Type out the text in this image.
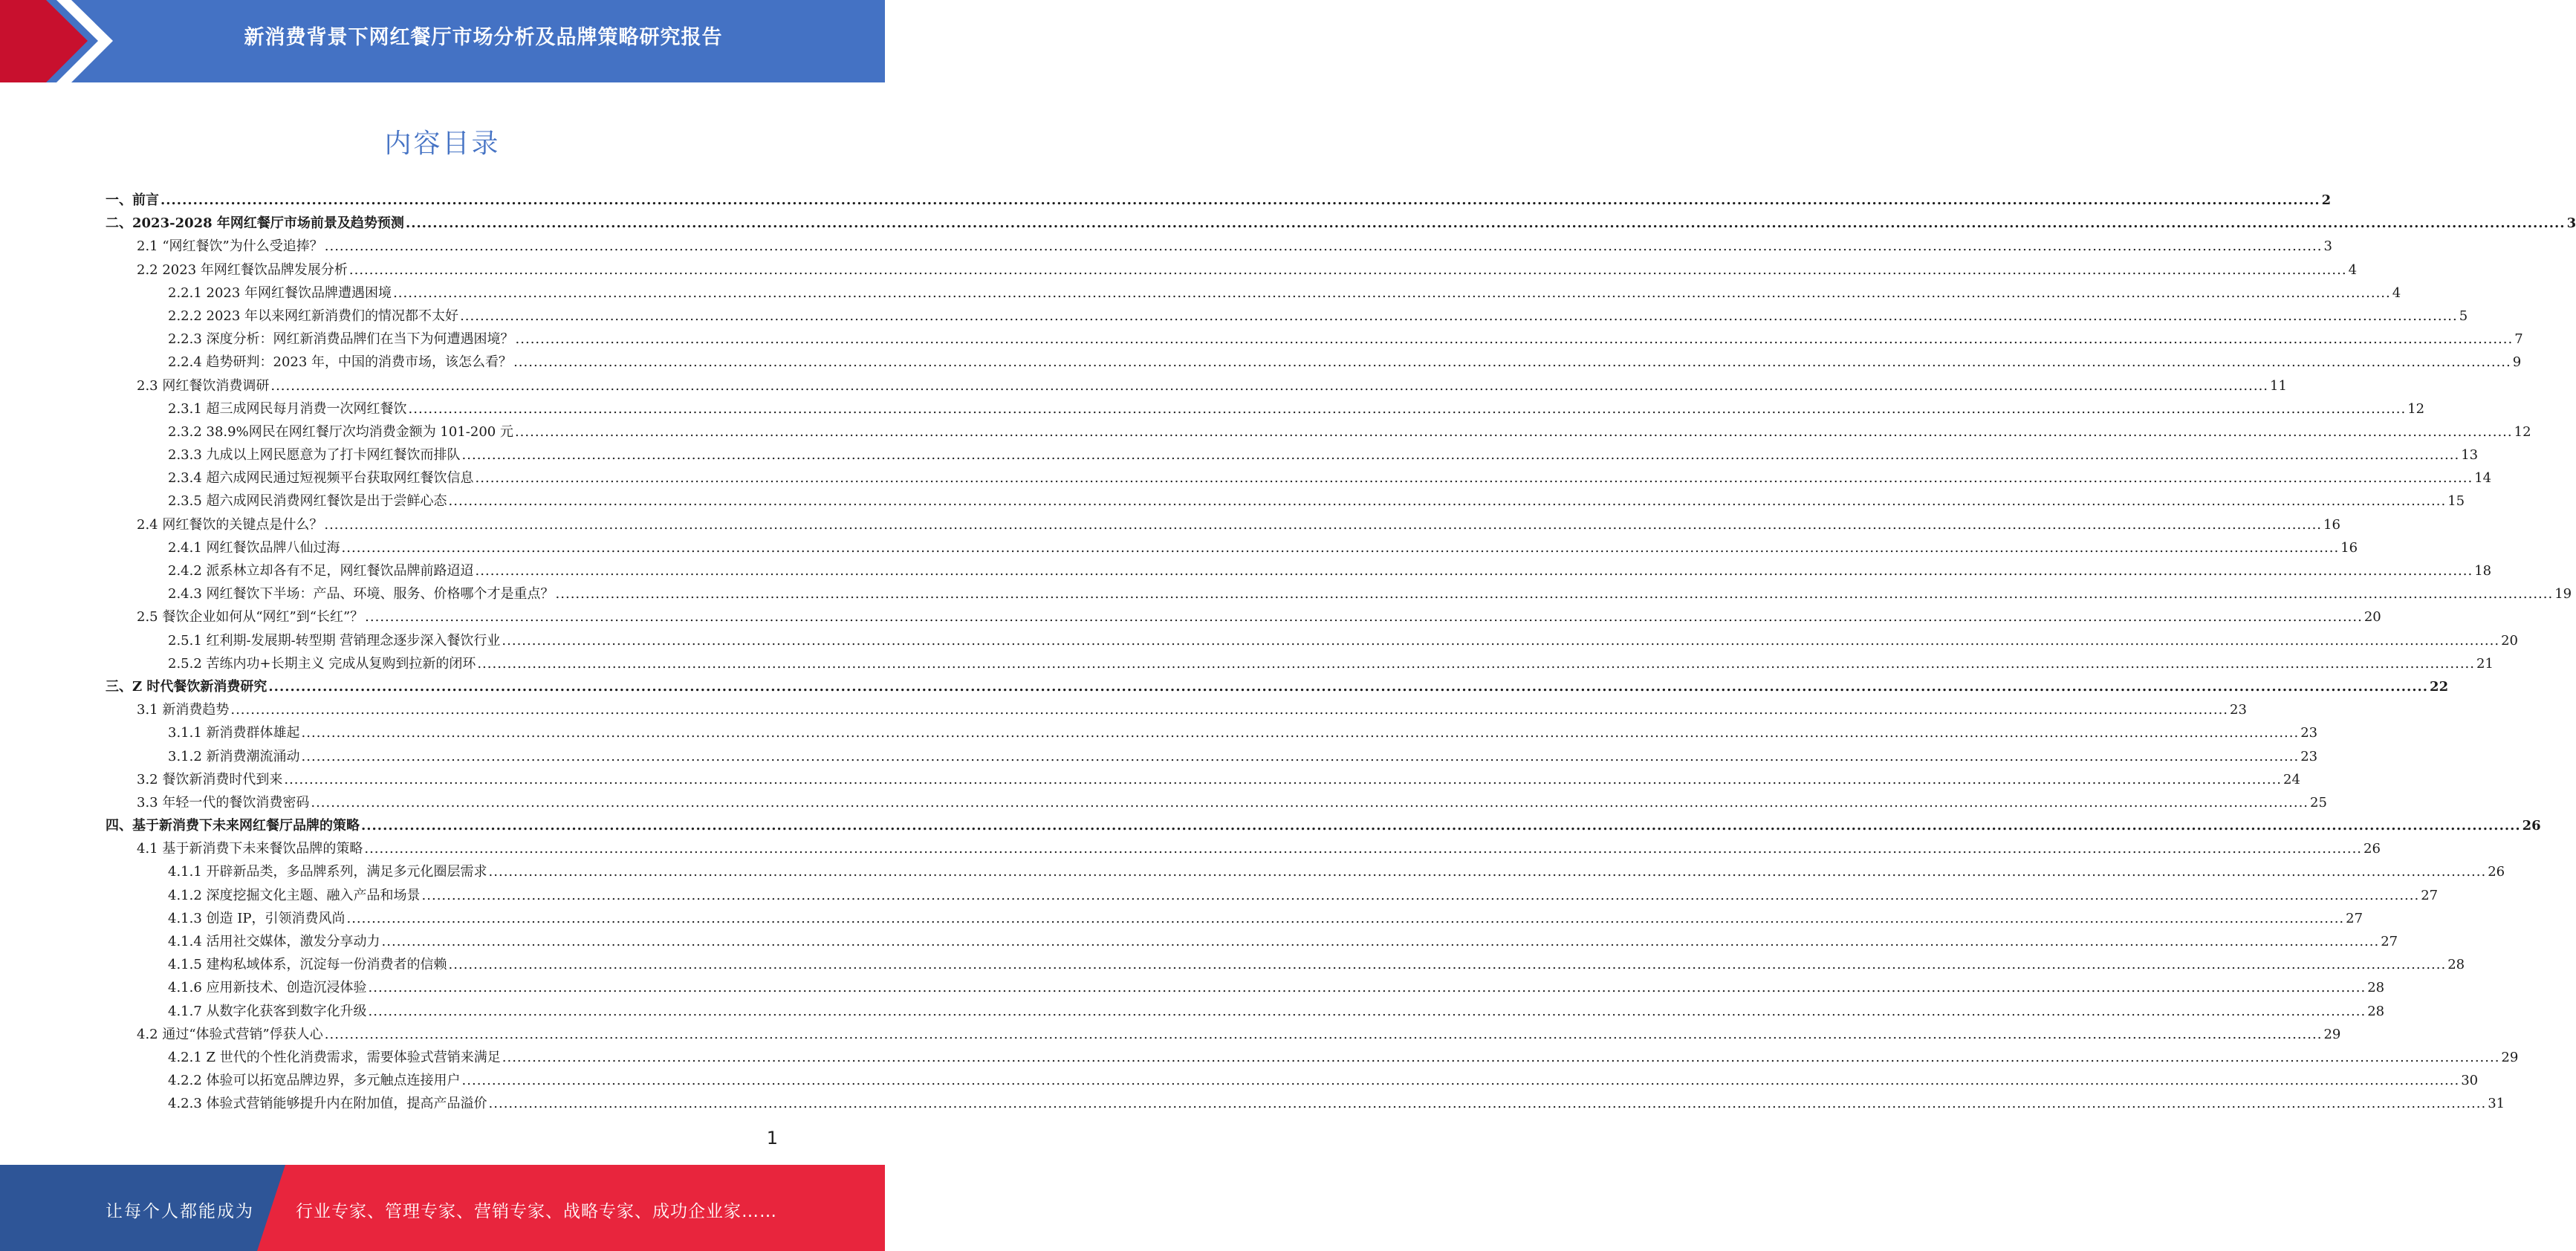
新消费背景下网红餐厅市场分析及品牌策略研究报告
内容目录
一、前言 ................................................................................................................................................................................................................................................................................................................................................................................................................ 2
二、2023-2028 年网红餐厅市场前景及趋势预测 ................................................................................................................................................................................................................................................................................................................................................................................................................ 3
2.1 “网红餐饮”为什么受追捧？ ................................................................................................................................................................................................................................................................................................................................................................................................................ 3
2.2 2023 年网红餐饮品牌发展分析 ................................................................................................................................................................................................................................................................................................................................................................................................................ 4
2.2.1 2023 年网红餐饮品牌遭遇困境 ................................................................................................................................................................................................................................................................................................................................................................................................................ 4
2.2.2 2023 年以来网红新消费们的情况都不太好 ................................................................................................................................................................................................................................................................................................................................................................................................................ 5
2.2.3 深度分析：网红新消费品牌们在当下为何遭遇困境？ ................................................................................................................................................................................................................................................................................................................................................................................................................ 7
2.2.4 趋势研判：2023 年，中国的消费市场，该怎么看？ ................................................................................................................................................................................................................................................................................................................................................................................................................ 9
2.3 网红餐饮消费调研 ................................................................................................................................................................................................................................................................................................................................................................................................................ 11
2.3.1 超三成网民每月消费一次网红餐饮 ................................................................................................................................................................................................................................................................................................................................................................................................................ 12
2.3.2 38.9%网民在网红餐厅次均消费金额为 101-200 元 ................................................................................................................................................................................................................................................................................................................................................................................................................ 12
2.3.3 九成以上网民愿意为了打卡网红餐饮而排队 ................................................................................................................................................................................................................................................................................................................................................................................................................ 13
2.3.4 超六成网民通过短视频平台获取网红餐饮信息 ................................................................................................................................................................................................................................................................................................................................................................................................................ 14
2.3.5 超六成网民消费网红餐饮是出于尝鲜心态 ................................................................................................................................................................................................................................................................................................................................................................................................................ 15
2.4 网红餐饮的关键点是什么？ ................................................................................................................................................................................................................................................................................................................................................................................................................ 16
2.4.1 网红餐饮品牌八仙过海 ................................................................................................................................................................................................................................................................................................................................................................................................................ 16
2.4.2 派系林立却各有不足，网红餐饮品牌前路迢迢 ................................................................................................................................................................................................................................................................................................................................................................................................................ 18
2.4.3 网红餐饮下半场：产品、环境、服务、价格哪个才是重点？ ................................................................................................................................................................................................................................................................................................................................................................................................................ 19
2.5 餐饮企业如何从“网红”到“长红”？ ................................................................................................................................................................................................................................................................................................................................................................................................................ 20
2.5.1 红利期-发展期-转型期 营销理念逐步深入餐饮行业 ................................................................................................................................................................................................................................................................................................................................................................................................................ 20
2.5.2 苦练内功+长期主义 完成从复购到拉新的闭环 ................................................................................................................................................................................................................................................................................................................................................................................................................ 21
三、Z 时代餐饮新消费研究 ................................................................................................................................................................................................................................................................................................................................................................................................................ 22
3.1 新消费趋势 ................................................................................................................................................................................................................................................................................................................................................................................................................ 23
3.1.1 新消费群体雄起 ................................................................................................................................................................................................................................................................................................................................................................................................................ 23
3.1.2 新消费潮流涌动 ................................................................................................................................................................................................................................................................................................................................................................................................................ 23
3.2 餐饮新消费时代到来 ................................................................................................................................................................................................................................................................................................................................................................................................................ 24
3.3 年轻一代的餐饮消费密码 ................................................................................................................................................................................................................................................................................................................................................................................................................ 25
四、基于新消费下未来网红餐厅品牌的策略 ................................................................................................................................................................................................................................................................................................................................................................................................................ 26
4.1 基于新消费下未来餐饮品牌的策略 ................................................................................................................................................................................................................................................................................................................................................................................................................ 26
4.1.1 开辟新品类，多品牌系列，满足多元化圈层需求 ................................................................................................................................................................................................................................................................................................................................................................................................................ 26
4.1.2 深度挖掘文化主题、融入产品和场景 ................................................................................................................................................................................................................................................................................................................................................................................................................ 27
4.1.3 创造 IP，引领消费风尚 ................................................................................................................................................................................................................................................................................................................................................................................................................ 27
4.1.4 活用社交媒体，激发分享动力 ................................................................................................................................................................................................................................................................................................................................................................................................................ 27
4.1.5 建构私域体系，沉淀每一份消费者的信赖 ................................................................................................................................................................................................................................................................................................................................................................................................................ 28
4.1.6 应用新技术、创造沉浸体验 ................................................................................................................................................................................................................................................................................................................................................................................................................ 28
4.1.7 从数字化获客到数字化升级 ................................................................................................................................................................................................................................................................................................................................................................................................................ 28
4.2 通过“体验式营销”俘获人心 ................................................................................................................................................................................................................................................................................................................................................................................................................ 29
4.2.1 Z 世代的个性化消费需求，需要体验式营销来满足 ................................................................................................................................................................................................................................................................................................................................................................................................................ 29
4.2.2 体验可以拓宽品牌边界，多元触点连接用户 ................................................................................................................................................................................................................................................................................................................................................................................................................ 30
4.2.3 体验式营销能够提升内在附加值，提高产品溢价 ................................................................................................................................................................................................................................................................................................................................................................................................................ 31
1
让每个人都能成为 行业专家、管理专家、营销专家、战略专家、成功企业家……
